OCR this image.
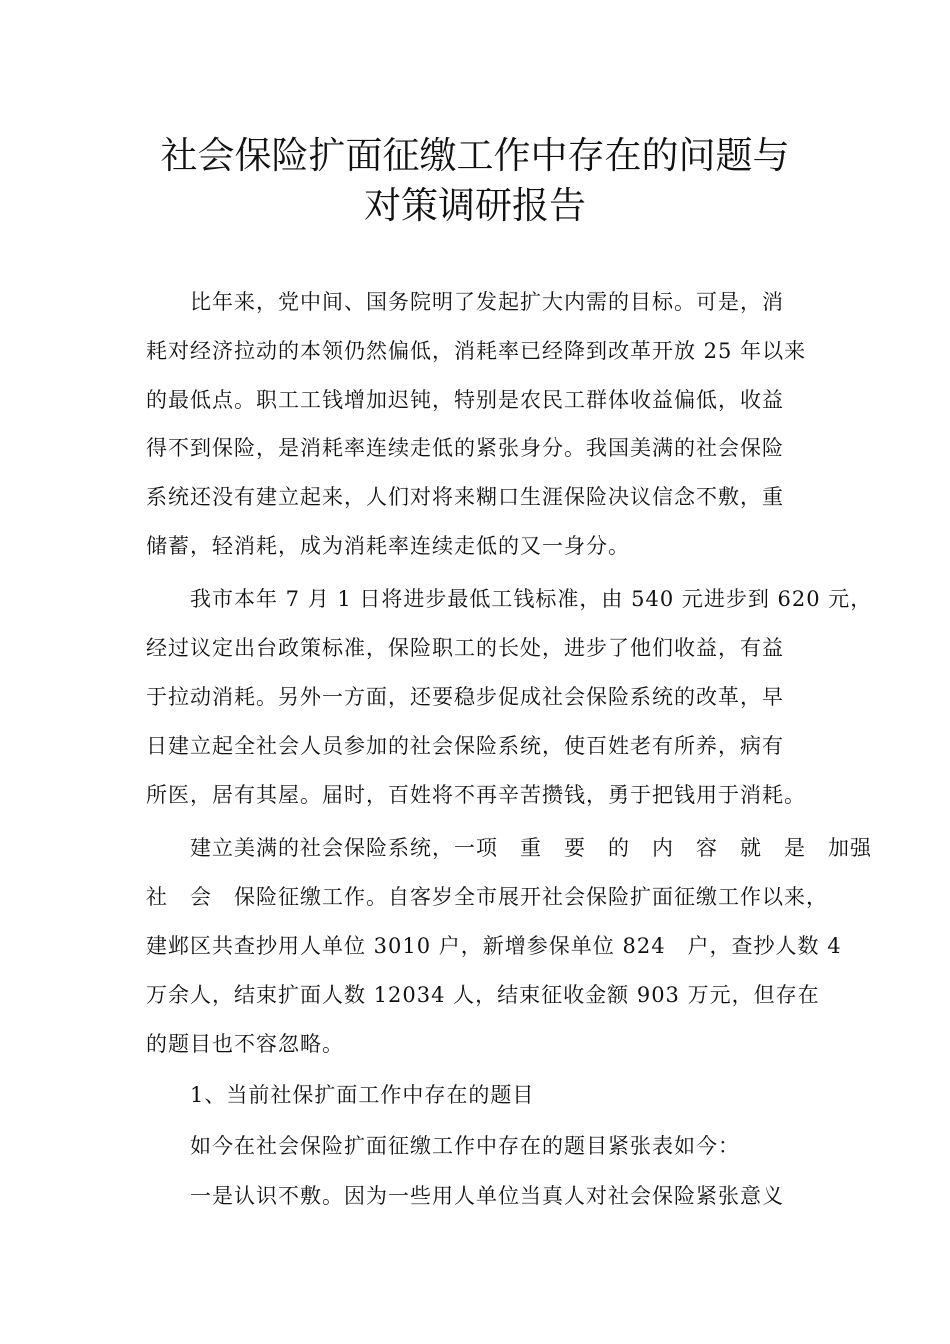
社会保险扩面征缴工作中存在的问题与
对策调研报告
比年来，党中间、国务院明了发起扩大内需的目标。可是，消
耗对经济拉动的本领仍然偏低，消耗率已经降到改革开放 25 年以来
的最低点。职工工钱增加迟钝，特别是农民工群体收益偏低，收益
得不到保险，是消耗率连续走低的紧张身分。我国美满的社会保险
系统还没有建立起来，人们对将来糊口生涯保险决议信念不敷，重
储蓄，轻消耗，成为消耗率连续走低的又一身分。
我市本年 7 月 1 日将进步最低工钱标准，由 540 元进步到 620 元，
经过议定出台政策标准，保险职工的长处，进步了他们收益，有益
于拉动消耗。另外一方面，还要稳步促成社会保险系统的改革，早
日建立起全社会人员参加的社会保险系统，使百姓老有所养，病有
所医，居有其屋。届时，百姓将不再辛苦攒钱，勇于把钱用于消耗。
建立美满的社会保险系统，一项　重　要　的　内　容　就　是　加强
社　会　保险征缴工作。自客岁全市展开社会保险扩面征缴工作以来，
建邺区共查抄用人单位 3010 户，新增参保单位 824　户，查抄人数 4
万余人，结束扩面人数 12034 人，结束征收金额 903 万元，但存在
的题目也不容忽略。
1、当前社保扩面工作中存在的题目
如今在社会保险扩面征缴工作中存在的题目紧张表如今：
一是认识不敷。因为一些用人单位当真人对社会保险紧张意义
